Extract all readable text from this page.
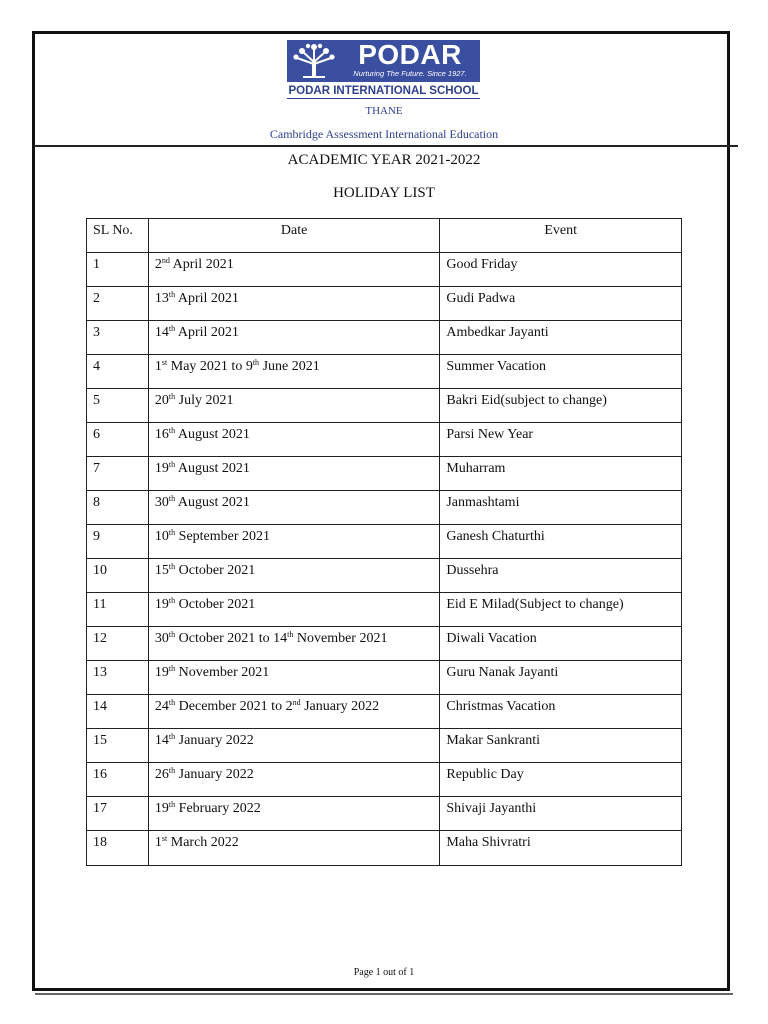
PODAR
Nurturing The Future. Since 1927.
PODAR INTERNATIONAL SCHOOL
THANE
Cambridge Assessment International Education
ACADEMIC YEAR 2021-2022
HOLIDAY LIST
SL No.	Date	Event
1	2nd April 2021	Good Friday
2	13th April 2021	Gudi Padwa
3	14th April 2021	Ambedkar Jayanti
4	1st May 2021 to 9th June 2021	Summer Vacation
5	20th July 2021	Bakri Eid(subject to change)
6	16th August 2021	Parsi New Year
7	19th August 2021	Muharram
8	30th August 2021	Janmashtami
9	10th September 2021	Ganesh Chaturthi
10	15th October 2021	Dussehra
11	19th October 2021	Eid E Milad(Subject to change)
12	30th October 2021 to 14th November 2021	Diwali Vacation
13	19th November 2021	Guru Nanak Jayanti
14	24th December 2021 to 2nd January 2022	Christmas Vacation
15	14th January 2022	Makar Sankranti
16	26th January 2022	Republic Day
17	19th February 2022	Shivaji Jayanthi
18	1st March 2022	Maha Shivratri
Page 1 out of 1
